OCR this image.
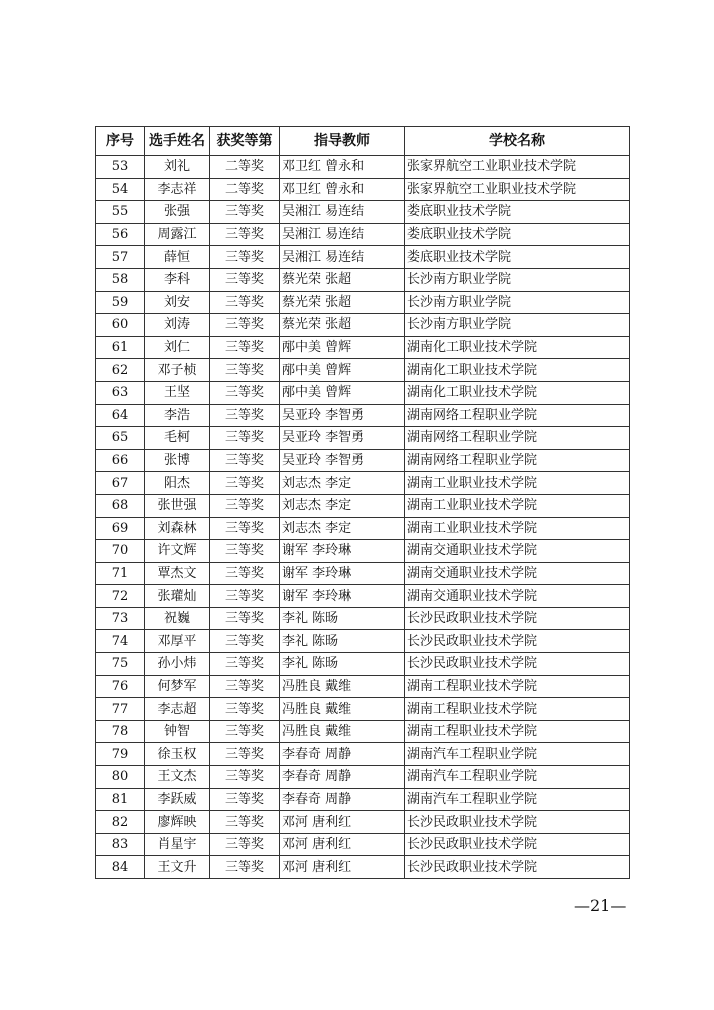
序号	选手姓名	获奖等第	指导教师	学校名称
53	刘礼	二等奖	邓卫红 曾永和	张家界航空工业职业技术学院
54	李志祥	二等奖	邓卫红 曾永和	张家界航空工业职业技术学院
55	张强	三等奖	吴湘江 易连结	娄底职业技术学院
56	周露江	三等奖	吴湘江 易连结	娄底职业技术学院
57	薛恒	三等奖	吴湘江 易连结	娄底职业技术学院
58	李科	三等奖	蔡光荣 张超	长沙南方职业学院
59	刘安	三等奖	蔡光荣 张超	长沙南方职业学院
60	刘涛	三等奖	蔡光荣 张超	长沙南方职业学院
61	刘仁	三等奖	邴中美 曾辉	湖南化工职业技术学院
62	邓子桢	三等奖	邴中美 曾辉	湖南化工职业技术学院
63	王坚	三等奖	邴中美 曾辉	湖南化工职业技术学院
64	李浩	三等奖	吴亚玲 李智勇	湖南网络工程职业学院
65	毛柯	三等奖	吴亚玲 李智勇	湖南网络工程职业学院
66	张博	三等奖	吴亚玲 李智勇	湖南网络工程职业学院
67	阳杰	三等奖	刘志杰 李定	湖南工业职业技术学院
68	张世强	三等奖	刘志杰 李定	湖南工业职业技术学院
69	刘森林	三等奖	刘志杰 李定	湖南工业职业技术学院
70	许文辉	三等奖	谢军 李玲琳	湖南交通职业技术学院
71	覃杰文	三等奖	谢军 李玲琳	湖南交通职业技术学院
72	张瓘灿	三等奖	谢军 李玲琳	湖南交通职业技术学院
73	祝巍	三等奖	李礼 陈旸	长沙民政职业技术学院
74	邓厚平	三等奖	李礼 陈旸	长沙民政职业技术学院
75	孙小炜	三等奖	李礼 陈旸	长沙民政职业技术学院
76	何梦军	三等奖	冯胜良 戴维	湖南工程职业技术学院
77	李志超	三等奖	冯胜良 戴维	湖南工程职业技术学院
78	钟智	三等奖	冯胜良 戴维	湖南工程职业技术学院
79	徐玉权	三等奖	李春奇 周静	湖南汽车工程职业学院
80	王文杰	三等奖	李春奇 周静	湖南汽车工程职业学院
81	李跃威	三等奖	李春奇 周静	湖南汽车工程职业学院
82	廖辉映	三等奖	邓河 唐利红	长沙民政职业技术学院
83	肖星宇	三等奖	邓河 唐利红	长沙民政职业技术学院
84	王文升	三等奖	邓河 唐利红	长沙民政职业技术学院
—21—
